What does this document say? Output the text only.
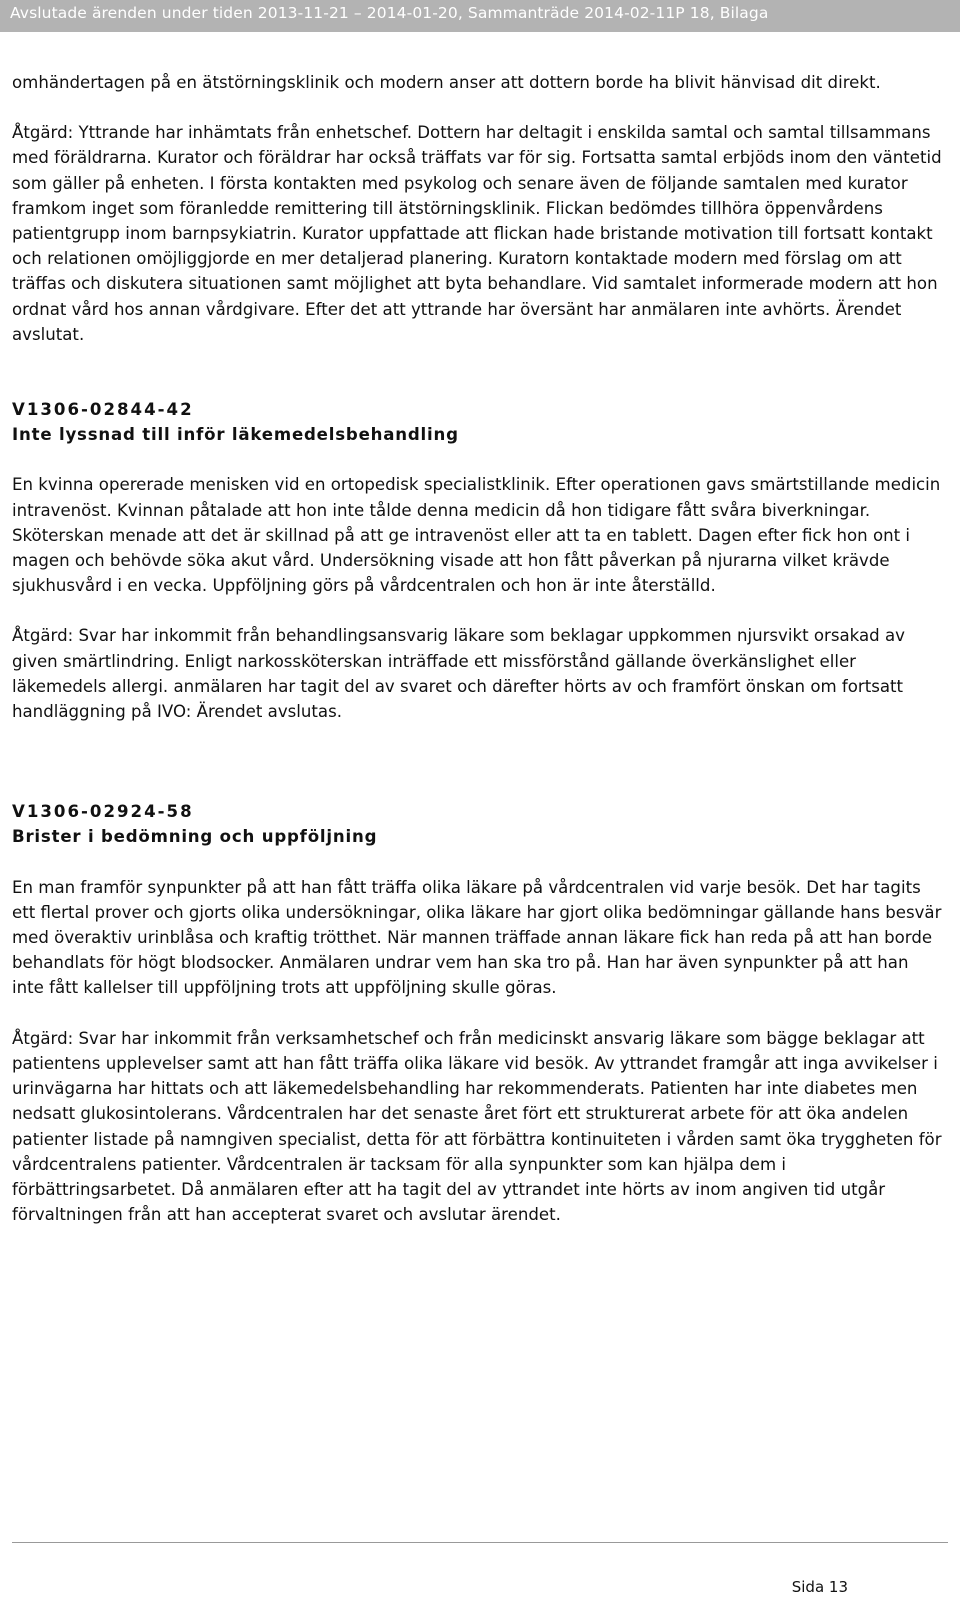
Avslutade ärenden under tiden 2013-11-21 – 2014-01-20, Sammanträde 2014-02-11P 18, Bilaga

omhändertagen på en ätstörningsklinik och modern anser att dottern borde ha blivit hänvisad dit direkt.

Åtgärd: Yttrande har inhämtats från enhetschef. Dottern har deltagit i enskilda samtal och samtal tillsammans med föräldrarna. Kurator och föräldrar har också träffats var för sig. Fortsatta samtal erbjöds inom den väntetid som gäller på enheten. I första kontakten med psykolog och senare även de följande samtalen med kurator framkom inget som föranledde remittering till ätstörningsklinik. Flickan bedömdes tillhöra öppenvårdens patientgrupp inom barnpsykiatrin. Kurator uppfattade att flickan hade bristande motivation till fortsatt kontakt och relationen omöjliggjorde en mer detaljerad planering. Kuratorn kontaktade modern med förslag om att träffas och diskutera situationen samt möjlighet att byta behandlare. Vid samtalet informerade modern att hon ordnat vård hos annan vårdgivare. Efter det att yttrande har översänt har anmälaren inte avhörts. Ärendet avslutat.

V1306-02844-42

Inte lyssnad till inför läkemedelsbehandling

En kvinna opererade menisken vid en ortopedisk specialistklinik. Efter operationen gavs smärtstillande medicin intravenöst. Kvinnan påtalade att hon inte tålde denna medicin då hon tidigare fått svåra biverkningar. Sköterskan menade att det är skillnad på att ge intravenöst eller att ta en tablett. Dagen efter fick hon ont i magen och behövde söka akut vård. Undersökning visade att hon fått påverkan på njurarna vilket krävde sjukhusvård i en vecka. Uppföljning görs på vårdcentralen och hon är inte återställd.

Åtgärd: Svar har inkommit från behandlingsansvarig läkare som beklagar uppkommen njursvikt orsakad av given smärtlindring. Enligt narkossköterskan inträffade ett missförstånd gällande överkänslighet eller läkemedels allergi. anmälaren har tagit del av svaret och därefter hörts av och framfört önskan om fortsatt handläggning på IVO: Ärendet avslutas.

V1306-02924-58

Brister i bedömning och uppföljning

En man framför synpunkter på att han fått träffa olika läkare på vårdcentralen vid varje besök. Det har tagits ett flertal prover och gjorts olika undersökningar, olika läkare har gjort olika bedömningar gällande hans besvär med överaktiv urinblåsa och kraftig trötthet. När mannen träffade annan läkare fick han reda på att han borde behandlats för högt blodsocker. Anmälaren undrar vem han ska tro på. Han har även synpunkter på att han inte fått kallelser till uppföljning trots att uppföljning skulle göras.

Åtgärd: Svar har inkommit från verksamhetschef och från medicinskt ansvarig läkare som bägge beklagar att patientens upplevelser samt att han fått träffa olika läkare vid besök. Av yttrandet framgår att inga avvikelser i urinvägarna har hittats och att läkemedelsbehandling har rekommenderats. Patienten har inte diabetes men nedsatt glukosintolerans. Vårdcentralen har det senaste året fört ett strukturerat arbete för att öka andelen patienter listade på namngiven specialist, detta för att förbättra kontinuiteten i vården samt öka tryggheten för vårdcentralens patienter. Vårdcentralen är tacksam för alla synpunkter som kan hjälpa dem i förbättringsarbetet. Då anmälaren efter att ha tagit del av yttrandet inte hörts av inom angiven tid utgår förvaltningen från att han accepterat svaret och avslutar ärendet.

Sida 13
